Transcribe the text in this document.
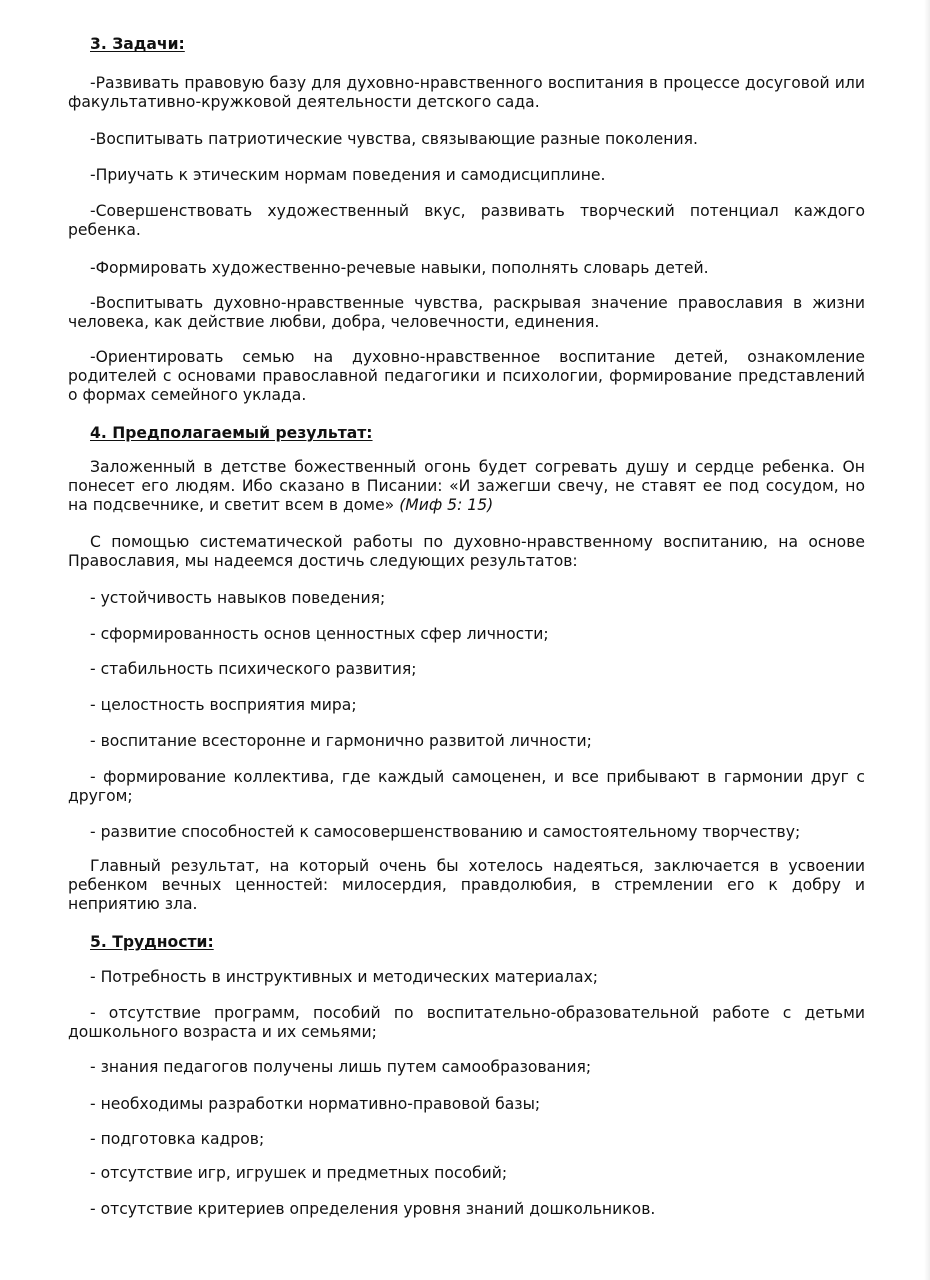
3. Задачи:

-Развивать правовую базу для духовно-нравственного воспитания в процессе досуговой или факультативно-кружковой деятельности детского сада.

-Воспитывать патриотические чувства, связывающие разные поколения.

-Приучать к этическим нормам поведения и самодисциплине.

-Совершенствовать художественный вкус, развивать творческий потенциал каждого ребенка.

-Формировать художественно-речевые навыки, пополнять словарь детей.

-Воспитывать духовно-нравственные чувства, раскрывая значение православия в жизни человека, как действие любви, добра, человечности, единения.

-Ориентировать семью на духовно-нравственное воспитание детей, ознакомление родителей с основами православной педагогики и психологии, формирование представлений о формах семейного уклада.

4. Предполагаемый результат:

Заложенный в детстве божественный огонь будет согревать душу и сердце ребенка. Он понесет его людям. Ибо сказано в Писании: «И зажегши свечу, не ставят ее под сосудом, но на подсвечнике, и светит всем в доме» (Миф 5: 15)

С помощью систематической работы по духовно-нравственному воспитанию, на основе Православия, мы надеемся достичь следующих результатов:

- устойчивость навыков поведения;

- сформированность основ ценностных сфер личности;

- стабильность психического развития;

- целостность восприятия мира;

- воспитание всесторонне и гармонично развитой личности;

- формирование коллектива, где каждый самоценен, и все прибывают в гармонии друг с другом;

- развитие способностей к самосовершенствованию и самостоятельному творчеству;

Главный результат, на который очень бы хотелось надеяться, заключается в усвоении ребенком вечных ценностей: милосердия, правдолюбия, в стремлении его к добру и неприятию зла.

5. Трудности:

- Потребность в инструктивных и методических материалах;

- отсутствие программ, пособий по воспитательно-образовательной работе с детьми дошкольного возраста и их семьями;

- знания педагогов получены лишь путем самообразования;

- необходимы разработки нормативно-правовой базы;

- подготовка кадров;

- отсутствие игр, игрушек и предметных пособий;

- отсутствие критериев определения уровня знаний дошкольников.
